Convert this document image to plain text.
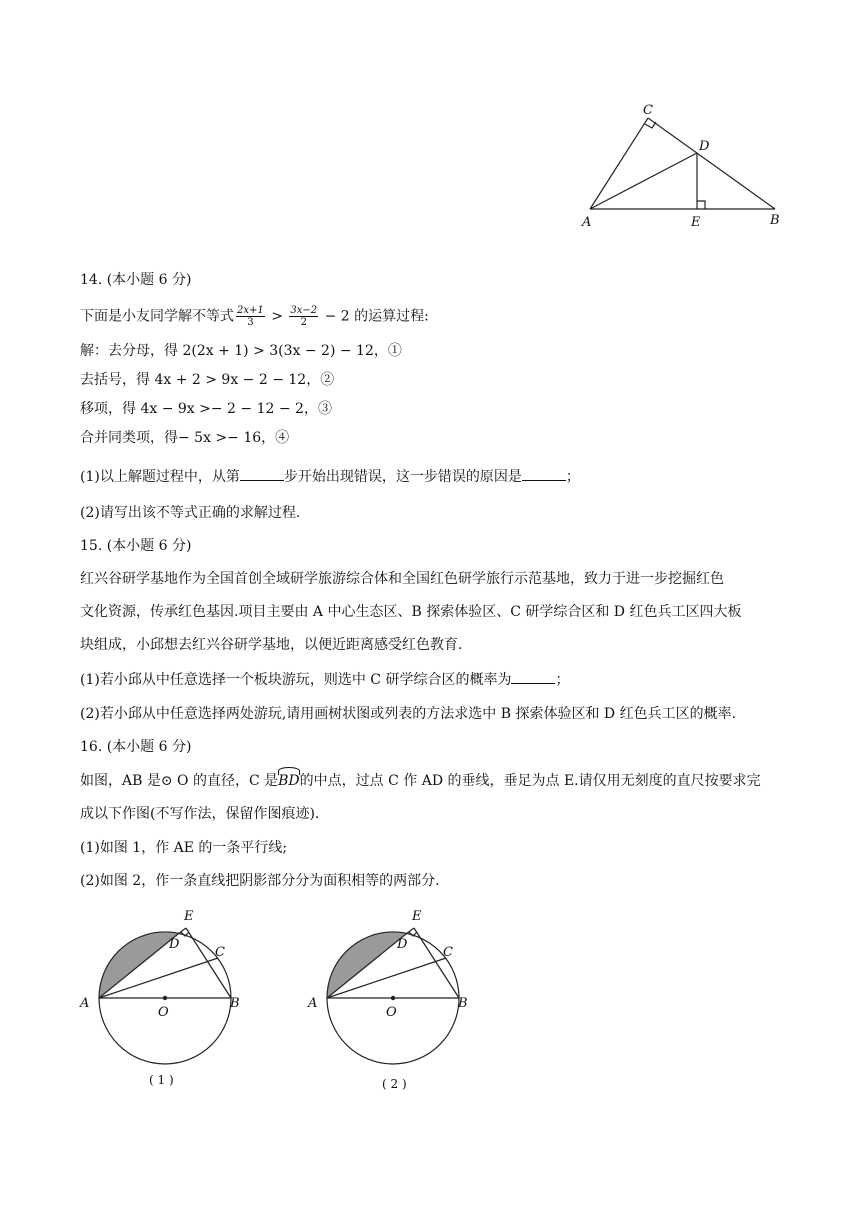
A	B
C
D
E
14. (本小题 6 分)
下面是小友同学解不等式 $\frac{2x+1}{3} > \frac{3x-2}{2} - 2$ 的运算过程:
解：去分母，得 2(2x + 1) > 3(3x − 2) − 12，①
去括号，得 4x + 2 > 9x − 2 − 12，②
移项，得 4x − 9x >− 2 − 12 − 2，③
合并同类项，得− 5x >− 16，④
(1)以上解题过程中，从第	步开始出现错误，这一步错误的原因是	；
(2)请写出该不等式正确的求解过程.
15. (本小题 6 分)
红兴谷研学基地作为全国首创全域研学旅游综合体和全国红色研学旅行示范基地，致力于进一步挖掘红色
文化资源，传承红色基因.项目主要由 A 中心生态区、B 探索体验区、C 研学综合区和 D 红色兵工区四大板
块组成，小邱想去红兴谷研学基地，以便近距离感受红色教育.
(1)若小邱从中任意选择一个板块游玩，则选中 C 研学综合区的概率为	；
(2)若小邱从中任意选择两处游玩,请用画树状图或列表的方法求选中 B 探索体验区和 D 红色兵工区的概率.
16. (本小题 6 分)
如图，AB 是⊙ O 的直径，C 是BD的中点，过点 C 作 AD 的垂线，垂足为点 E.请仅用无刻度的直尺按要求完
成以下作图(不写作法，保留作图痕迹).
(1)如图 1，作 AE 的一条平行线;
(2)如图 2，作一条直线把阴影部分分为面积相等的两部分.
A	B
C
D
E
O
( 1 )
A	B
C
D
E
O
( 2 )
